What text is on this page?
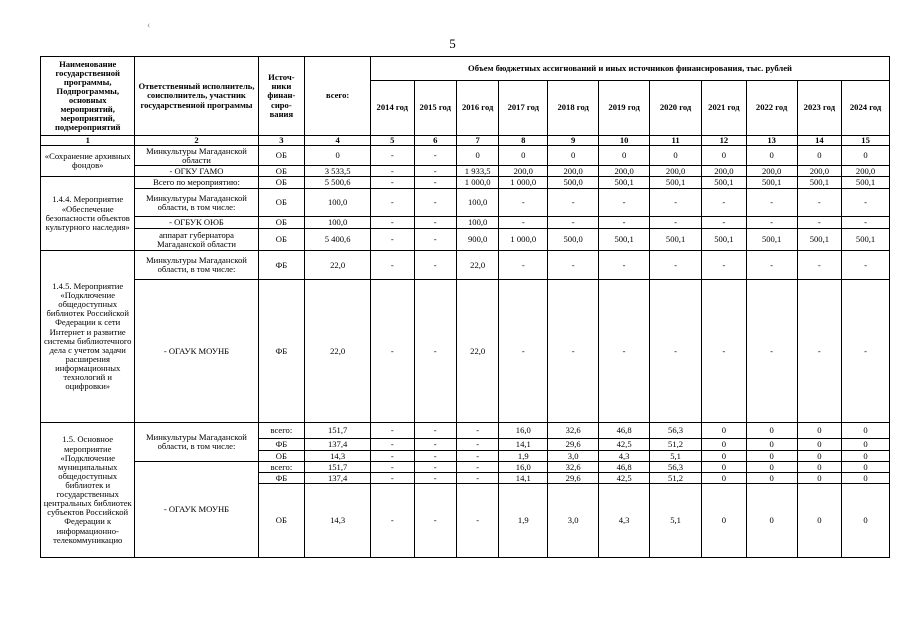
5
‹
Наименование государственной программы, Подпрограммы, основных мероприятий, мероприятий, подмероприятий	Ответственный исполнитель, соисполнитель, участник государственной программы	Источ-ники финан-сиро-вания	всего:	Объем бюджетных ассигнований и иных источников финансирования, тыс. рублей										
				2014 год	2015 год	2016 год	2017 год	2018 год	2019 год	2020 год	2021 год	2022 год	2023 год	2024 год
1	2	3	4	5	6	7	8	9	10	11	12	13	14	15
«Сохранение архивных фондов»	Минкультуры Магаданской области	ОБ	0	-	-	0	0	0	0	0	0	0	0	0
	- ОГКУ ГАМО	ОБ	3 533,5	-	-	1 933,5	200,0	200,0	200,0	200,0	200,0	200,0	200,0	200,0
1.4.4. Мероприятие «Обеспечение безопасности объектов культурного наследия»	Всего по мероприятию:	ОБ	5 500,6	-	-	1 000,0	1 000,0	500,0	500,1	500,1	500,1	500,1	500,1	500,1
	Минкультуры Магаданской области, в том числе:	ОБ	100,0	-	-	100,0	-	-	-	-	-	-	-	-
	- ОГБУК ОЮБ	ОБ	100,0	-	-	100,0	-	-	-	-	-	-	-	-
	аппарат губернатора Магаданской области	ОБ	5 400,6	-	-	900,0	1 000,0	500,0	500,1	500,1	500,1	500,1	500,1	500,1
1.4.5. Мероприятие «Подключение общедоступных библиотек Российской Федерации к сети Интернет и развитие системы библиотечного дела с учетом задачи расширения информационных технологий и оцифровки»	Минкультуры Магаданской области, в том числе:	ФБ	22,0	-	-	22,0	-	-	-	-	-	-	-	-
	- ОГАУК МОУНБ	ФБ	22,0	-	-	22,0	-	-	-	-	-	-	-	-
1.5. Основное мероприятие «Подключение муниципальных общедоступных библиотек и государственных центральных библиотек субъектов Российской Федерации к информационно-телекоммуникацио	Минкультуры Магаданской области, в том числе:	всего:	151,7	-	-	-	16,0	32,6	46,8	56,3	0	0	0	0
		ФБ	137,4	-	-	-	14,1	29,6	42,5	51,2	0	0	0	0
		ОБ	14,3	-	-	-	1,9	3,0	4,3	5,1	0	0	0	0
	- ОГАУК МОУНБ	всего:	151,7	-	-	-	16,0	32,6	46,8	56,3	0	0	0	0
		ФБ	137,4	-	-	-	14,1	29,6	42,5	51,2	0	0	0	0
		ОБ	14,3	-	-	-	1,9	3,0	4,3	5,1	0	0	0	0
